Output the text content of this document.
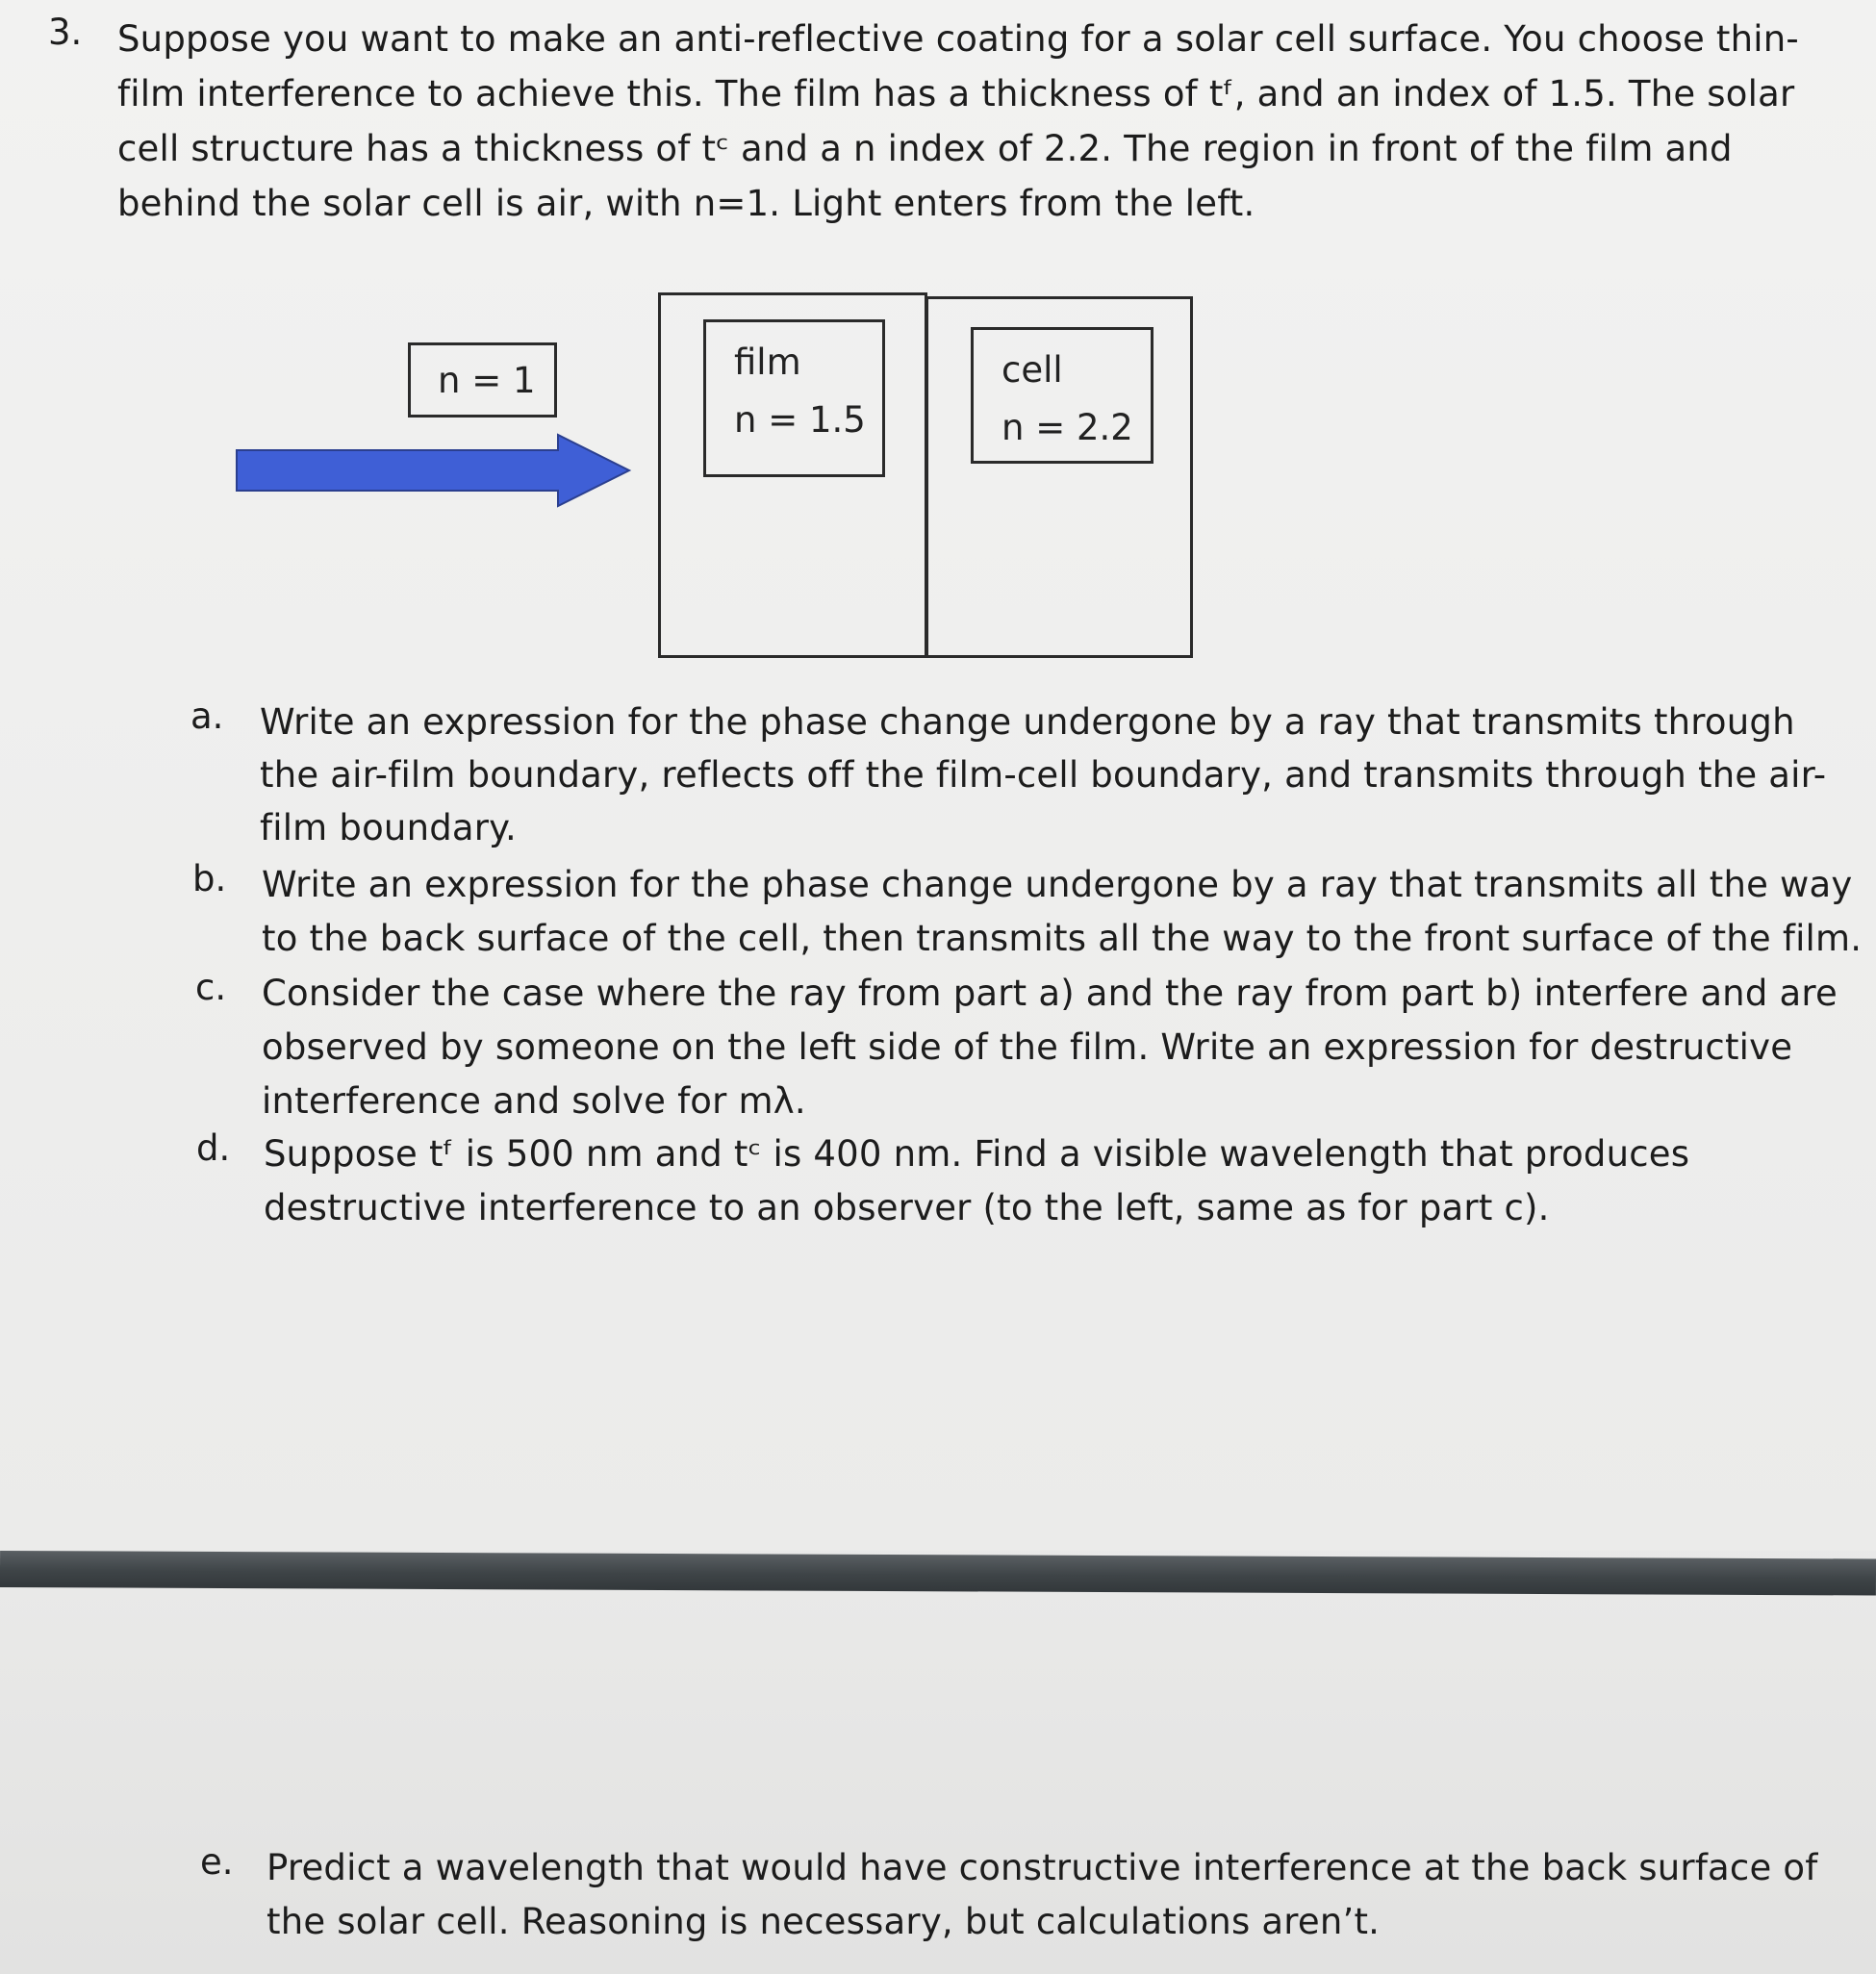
3. Suppose you want to make an anti-reflective coating for a solar cell surface. You choose thin-
film interference to achieve this. The film has a thickness of tᶠ, and an index of 1.5. The solar
cell structure has a thickness of tᶜ and a n index of 2.2. The region in front of the film and
behind the solar cell is air, with n=1. Light enters from the left.
n = 1	film
n = 1.5
cell
n = 2.2
a. Write an expression for the phase change undergone by a ray that transmits through
the air-film boundary, reflects off the film-cell boundary, and transmits through the air-
film boundary.
b. Write an expression for the phase change undergone by a ray that transmits all the way
to the back surface of the cell, then transmits all the way to the front surface of the film.
c. Consider the case where the ray from part a) and the ray from part b) interfere and are
observed by someone on the left side of the film. Write an expression for destructive
interference and solve for mλ.
d. Suppose tᶠ is 500 nm and tᶜ is 400 nm. Find a visible wavelength that produces
destructive interference to an observer (to the left, same as for part c).
e. Predict a wavelength that would have constructive interference at the back surface of
the solar cell. Reasoning is necessary, but calculations aren’t.
